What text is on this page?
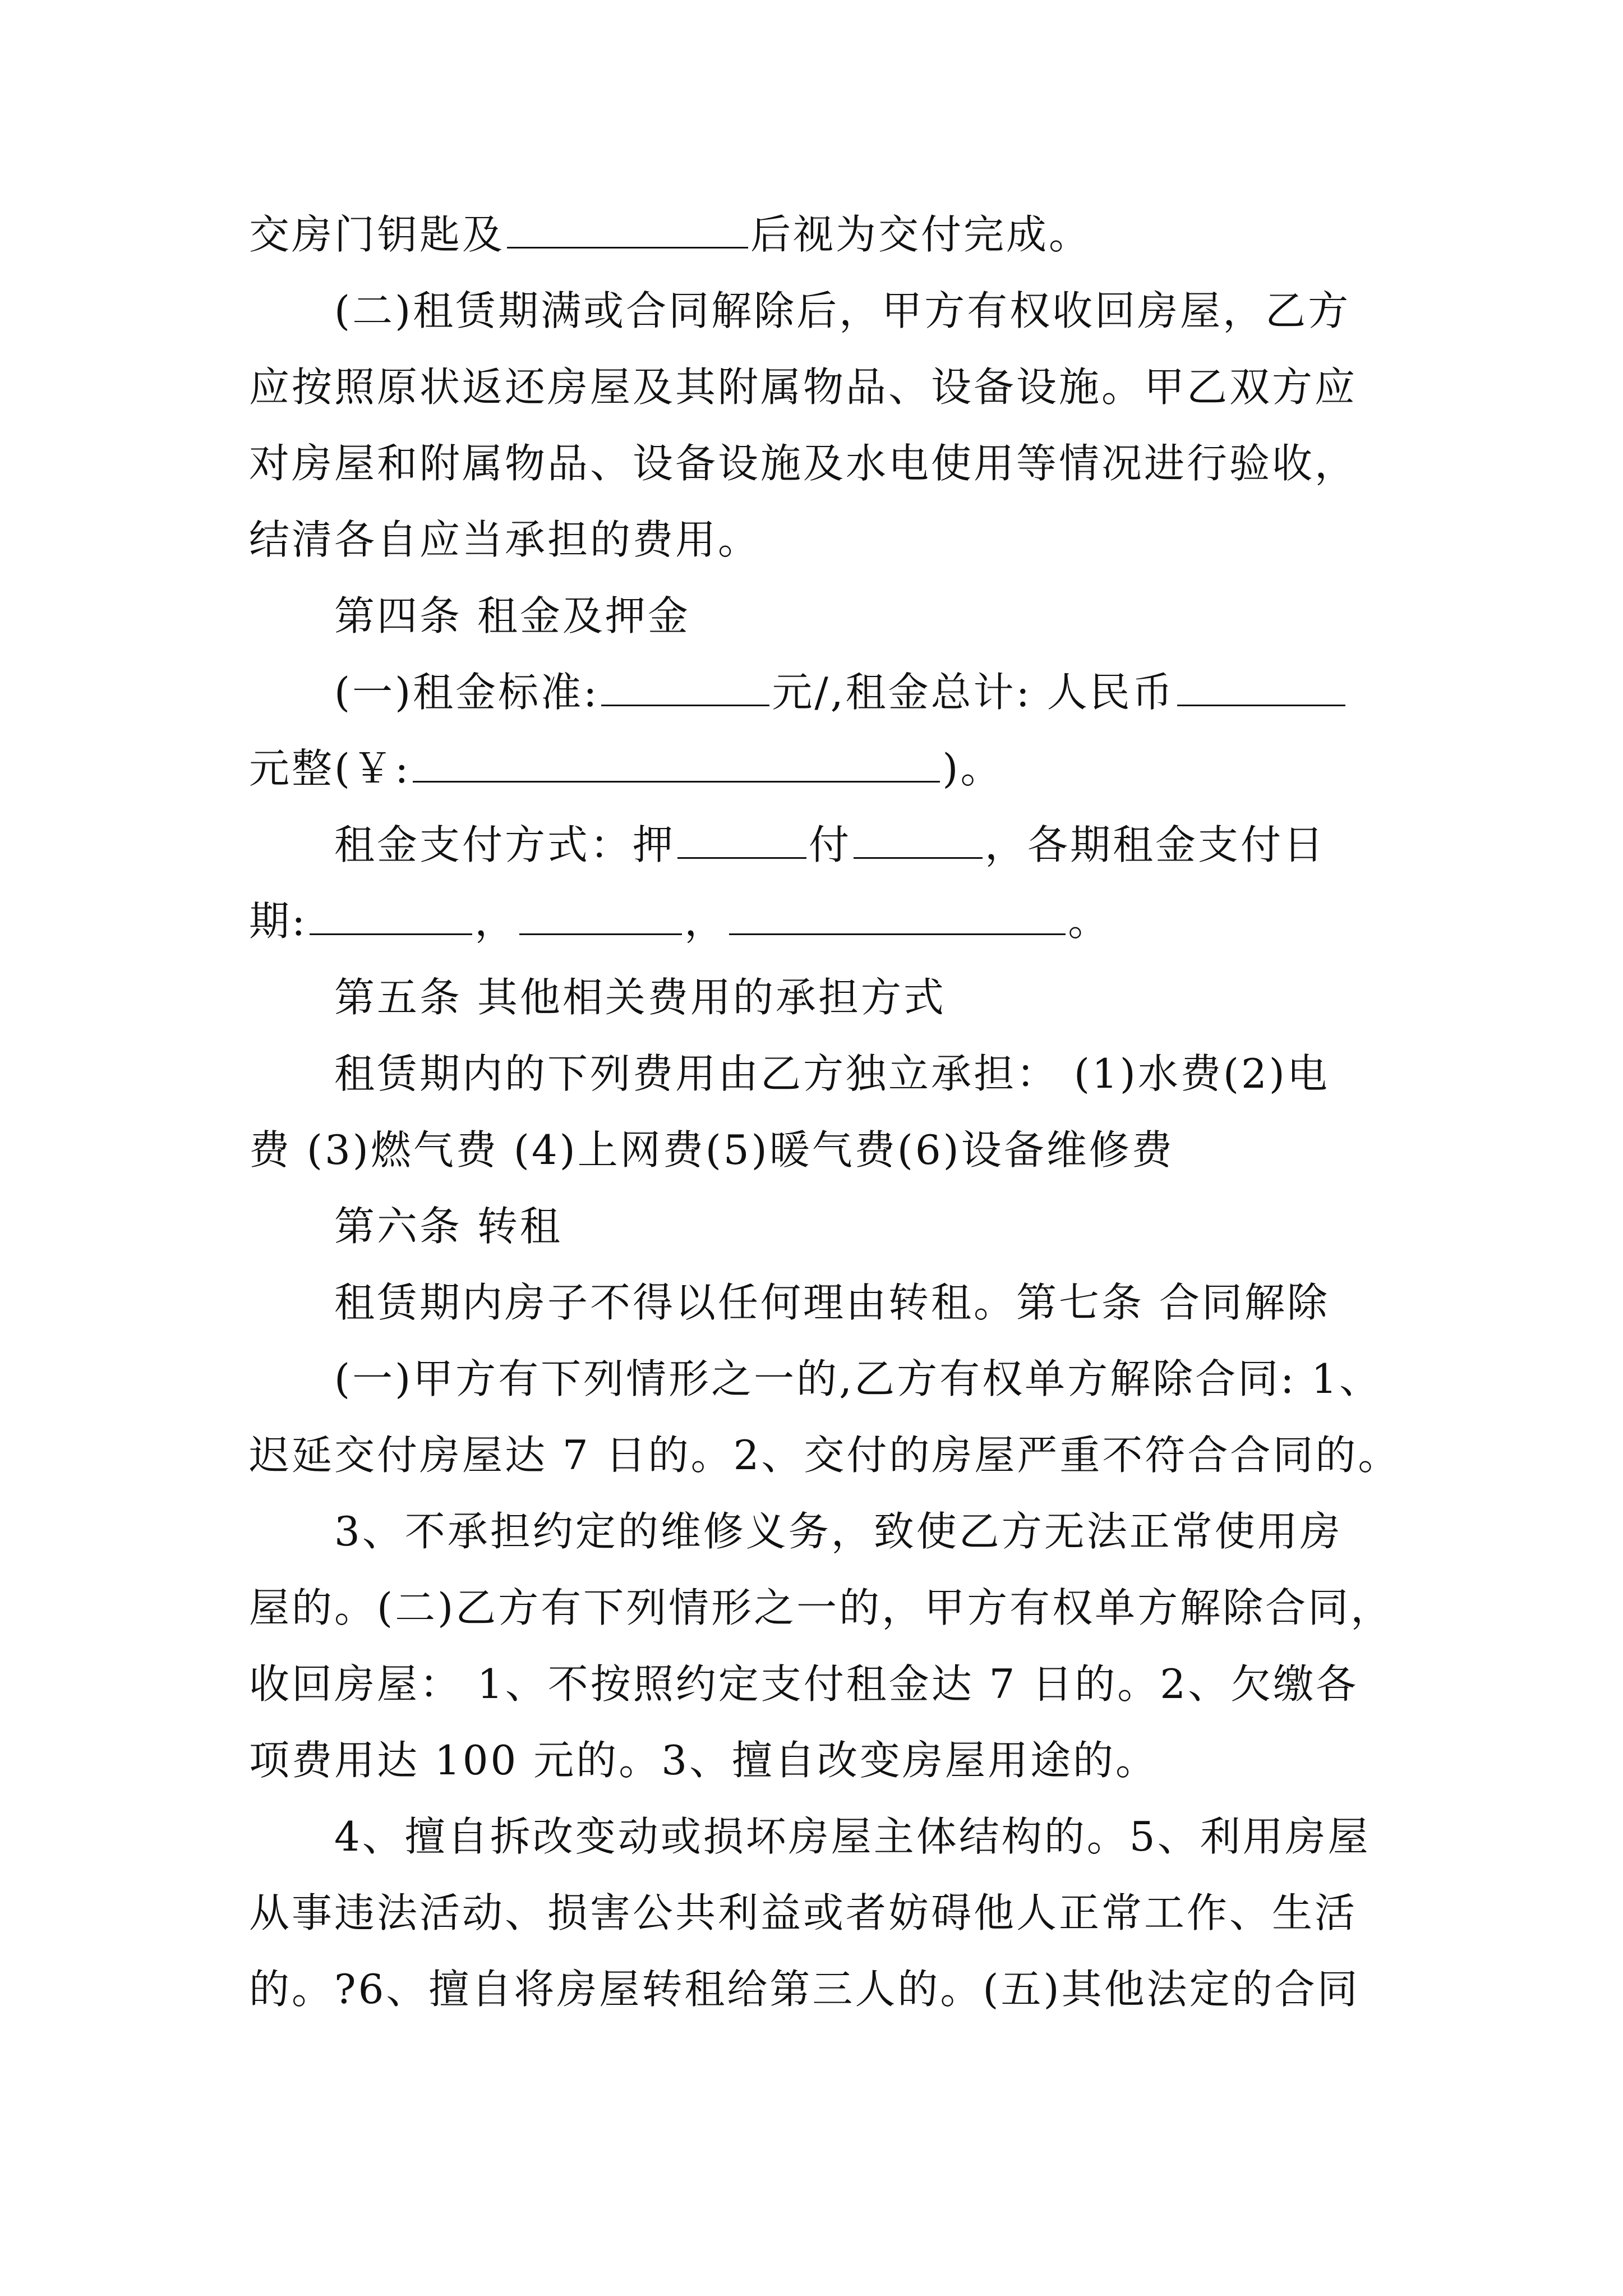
交房门钥匙及	后视为交付完成。
(二)租赁期满或合同解除后，甲方有权收回房屋，乙方
应按照原状返还房屋及其附属物品、设备设施。甲乙双方应
对房屋和附属物品、设备设施及水电使用等情况进行验收，
结清各自应当承担的费用。
第四条 租金及押金
(一)租金标准:	元/,租金总计: 人民币
元整(￥:	)。
租金支付方式：押	付	，各期租金支付日
期:	，	，	。
第五条 其他相关费用的承担方式
租赁期内的下列费用由乙方独立承担： (1)水费(2)电
费 (3)燃气费 (4)上网费(5)暖气费(6)设备维修费
第六条 转租
租赁期内房子不得以任何理由转租。第七条 合同解除
(一)甲方有下列情形之一的,乙方有权单方解除合同: 1、
迟延交付房屋达 7 日的。2、交付的房屋严重不符合合同的。
3、不承担约定的维修义务，致使乙方无法正常使用房
屋的。(二)乙方有下列情形之一的，甲方有权单方解除合同，
收回房屋： 1、不按照约定支付租金达 7 日的。2、欠缴各
项费用达 100 元的。3、擅自改变房屋用途的。
4、擅自拆改变动或损坏房屋主体结构的。5、利用房屋
从事违法活动、损害公共利益或者妨碍他人正常工作、生活
的。?6、擅自将房屋转租给第三人的。(五)其他法定的合同
